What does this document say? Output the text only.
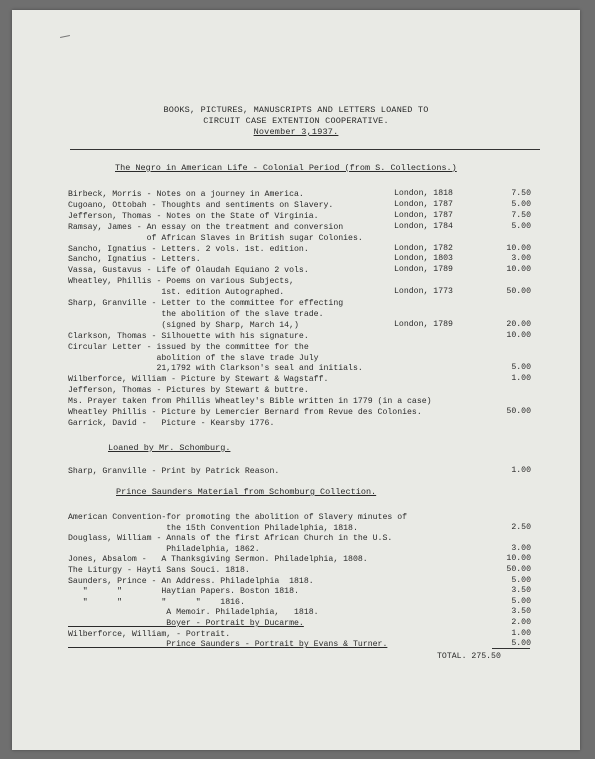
BOOKS, PICTURES, MANUSCRIPTS AND LETTERS LOANED TO
CIRCUIT CASE EXTENTION COOPERATIVE.
November 3,1937.
The Negro in American Life - Colonial Period (from S. Collections.)
Birbeck, Morris - Notes on a journey in America.	London, 1818	7.50
Cugoano, Ottobah - Thoughts and sentiments on Slavery.	London, 1787	5.00
Jefferson, Thomas - Notes on the State of Virginia.	London, 1787	7.50
Ramsay, James - An essay on the treatment and conversion	London, 1784	5.00
of African Slaves in British sugar Colonies.
Sancho, Ignatius - Letters. 2 vols. 1st. edition.	London, 1782	10.00
Sancho, Ignatius - Letters.	London, 1803	3.00
Vassa, Gustavus - Life of Olaudah Equiano 2 vols.	London, 1789	10.00
Wheatley, Phillis - Poems on various Subjects,
1st. edition Autographed.	London, 1773	50.00
Sharp, Granville - Letter to the committee for effecting
the abolition of the slave trade.
(signed by Sharp, March 14,)	London, 1789	20.00
Clarkson, Thomas - Silhouette with his signature.	10.00
Circular Letter - issued by the committee for the
abolition of the slave trade July
21,1792 with Clarkson's seal and initials.	5.00
Wilberforce, William - Picture by Stewart & Wagstaff.	1.00
Jefferson, Thomas - Pictures by Stewart & buttre.
Ms. Prayer taken from Phillis Wheatley's Bible written in 1779 (in a case)
Wheatley Phillis - Picture by Lemercier Bernard from Revue des Colonies.	50.00
Garrick, David -   Picture - Kearsby 1776.
Loaned by Mr. Schomburg.
Sharp, Granville - Print by Patrick Reason.	1.00
Prince Saunders Material from Schomburg Collection.
American Convention-for promoting the abolition of Slavery minutes of
the 15th Convention Philadelphia, 1818.	2.50
Douglass, William - Annals of the first African Church in the U.S.
Philadelphia, 1862.	3.00
Jones, Absalom -   A Thanksgiving Sermon. Philadelphia, 1808.	10.00
The Liturgy - Hayti Sans Souci. 1818.	50.00
Saunders, Prince - An Address. Philadelphia  1818.	5.00
"      "        Haytian Papers. Boston 1818.	3.50
"      "        "      "    1816.	5.00
A Memoir. Philadelphia,   1818.	3.50
Boyer - Portrait by Ducarme.	2.00
Wilberforce, William, - Portrait.	1.00
Prince Saunders - Portrait by Evans & Turner.	5.00
TOTAL. 275.50
